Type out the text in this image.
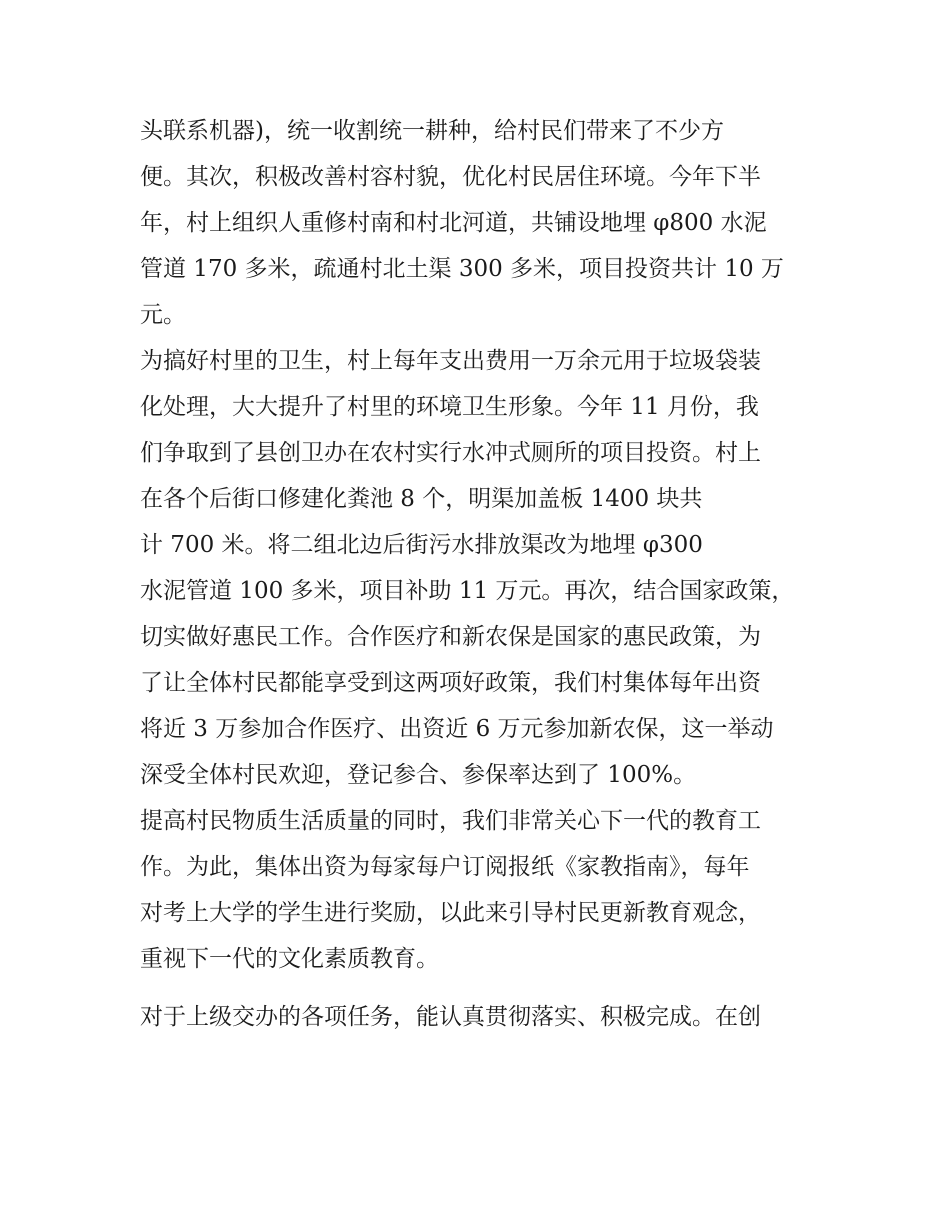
头联系机器)，统一收割统一耕种，给村民们带来了不少方
便。其次，积极改善村容村貌，优化村民居住环境。今年下半
年，村上组织人重修村南和村北河道，共铺设地埋 φ800 水泥
管道 170 多米，疏通村北土渠 300 多米，项目投资共计 10 万
元。
为搞好村里的卫生，村上每年支出费用一万余元用于垃圾袋装
化处理，大大提升了村里的环境卫生形象。今年 11 月份，我
们争取到了县创卫办在农村实行水冲式厕所的项目投资。村上
在各个后街口修建化粪池 8 个，明渠加盖板 1400 块共
计 700 米。将二组北边后街污水排放渠改为地埋 φ300
水泥管道 100 多米，项目补助 11 万元。再次，结合国家政策，
切实做好惠民工作。合作医疗和新农保是国家的惠民政策，为
了让全体村民都能享受到这两项好政策，我们村集体每年出资
将近 3 万参加合作医疗、出资近 6 万元参加新农保，这一举动
深受全体村民欢迎，登记参合、参保率达到了 100%。
提高村民物质生活质量的同时，我们非常关心下一代的教育工
作。为此，集体出资为每家每户订阅报纸《家教指南》，每年
对考上大学的学生进行奖励，以此来引导村民更新教育观念，
重视下一代的文化素质教育。
对于上级交办的各项任务，能认真贯彻落实、积极完成。在创
